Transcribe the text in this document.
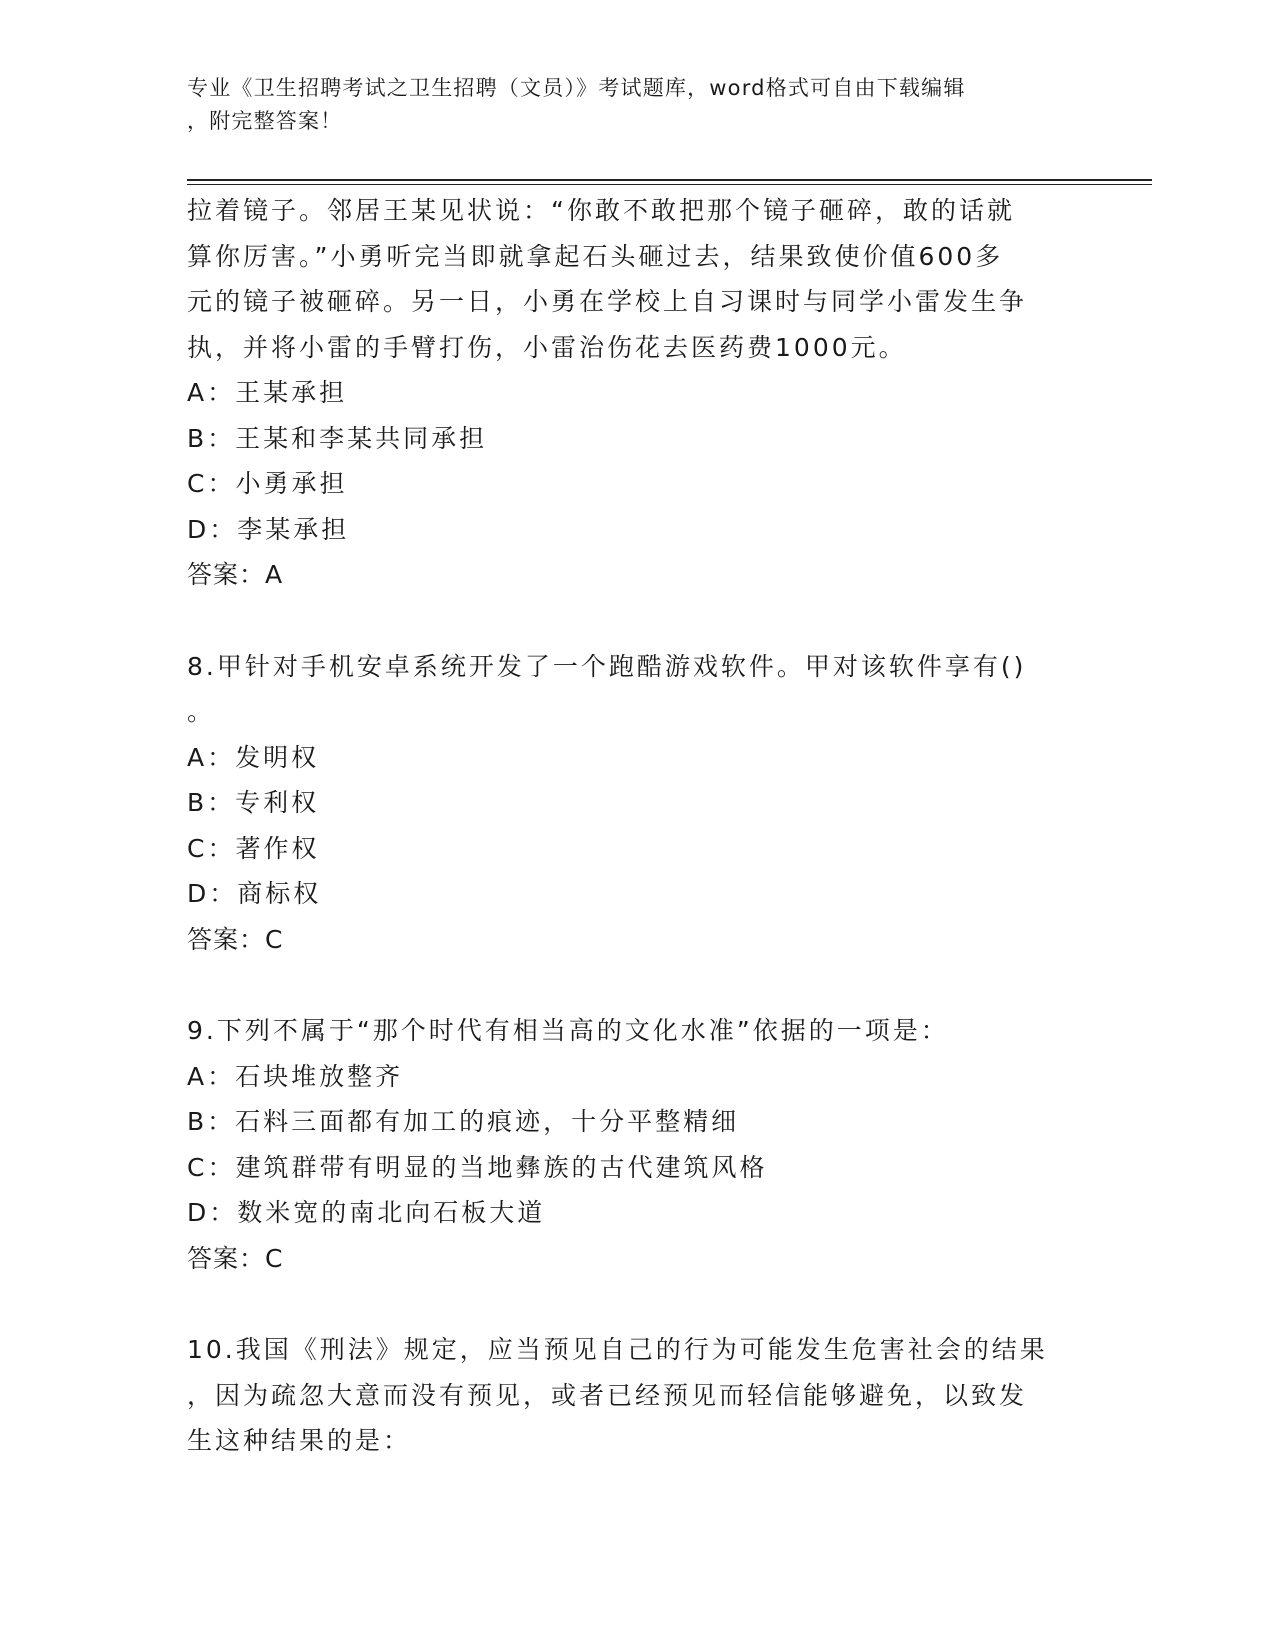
专业《卫生招聘考试之卫生招聘（文员）》考试题库，word格式可自由下载编辑
，附完整答案！
拉着镜子。邻居王某见状说：“你敢不敢把那个镜子砸碎，敢的话就
算你厉害。”小勇听完当即就拿起石头砸过去，结果致使价值600多
元的镜子被砸碎。另一日，小勇在学校上自习课时与同学小雷发生争
执，并将小雷的手臂打伤，小雷治伤花去医药费1000元。
A：王某承担
B：王某和李某共同承担
C：小勇承担
D：李某承担
答案：A
8.甲针对手机安卓系统开发了一个跑酷游戏软件。甲对该软件享有()
。
A：发明权
B：专利权
C：著作权
D：商标权
答案：C
9.下列不属于“那个时代有相当高的文化水准”依据的一项是：
A：石块堆放整齐
B：石料三面都有加工的痕迹，十分平整精细
C：建筑群带有明显的当地彝族的古代建筑风格
D：数米宽的南北向石板大道
答案：C
10.我国《刑法》规定，应当预见自己的行为可能发生危害社会的结果
，因为疏忽大意而没有预见，或者已经预见而轻信能够避免，以致发
生这种结果的是：
